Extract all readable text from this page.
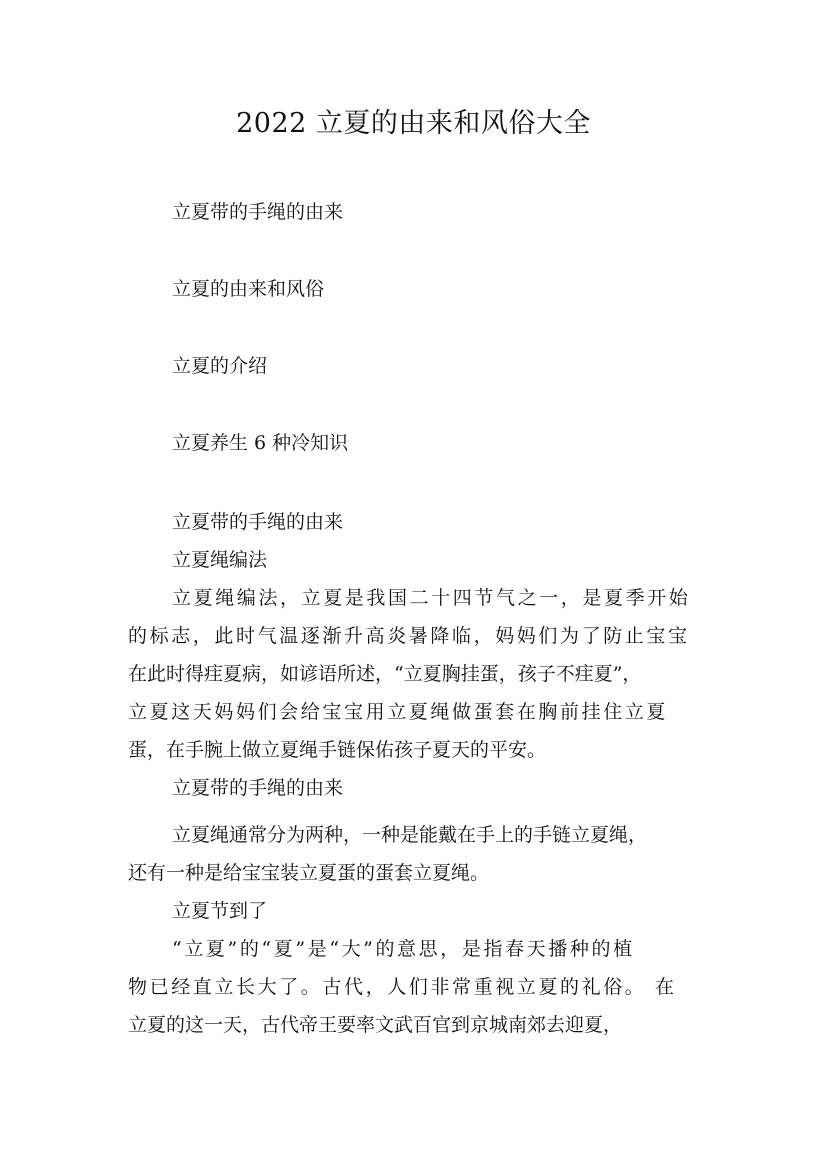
2022 立夏的由来和风俗大全
立夏带的手绳的由来
立夏的由来和风俗
立夏的介绍
立夏养生 6 种冷知识
立夏带的手绳的由来
立夏绳编法
立夏绳编法，立夏是我国二十四节气之一，是夏季开始
的标志，此时气温逐渐升高炎暑降临，妈妈们为了防止宝宝
在此时得疰夏病，如谚语所述，“立夏胸挂蛋，孩子不疰夏”，
立夏这天妈妈们会给宝宝用立夏绳做蛋套在胸前挂住立夏
蛋，在手腕上做立夏绳手链保佑孩子夏天的平安。
立夏带的手绳的由来
立夏绳通常分为两种，一种是能戴在手上的手链立夏绳，
还有一种是给宝宝装立夏蛋的蛋套立夏绳。
立夏节到了
“立夏”的“夏”是“大”的意思，是指春天播种的植
物已经直立长大了。古代，人们非常重视立夏的礼俗。 在
立夏的这一天，古代帝王要率文武百官到京城南郊去迎夏，
